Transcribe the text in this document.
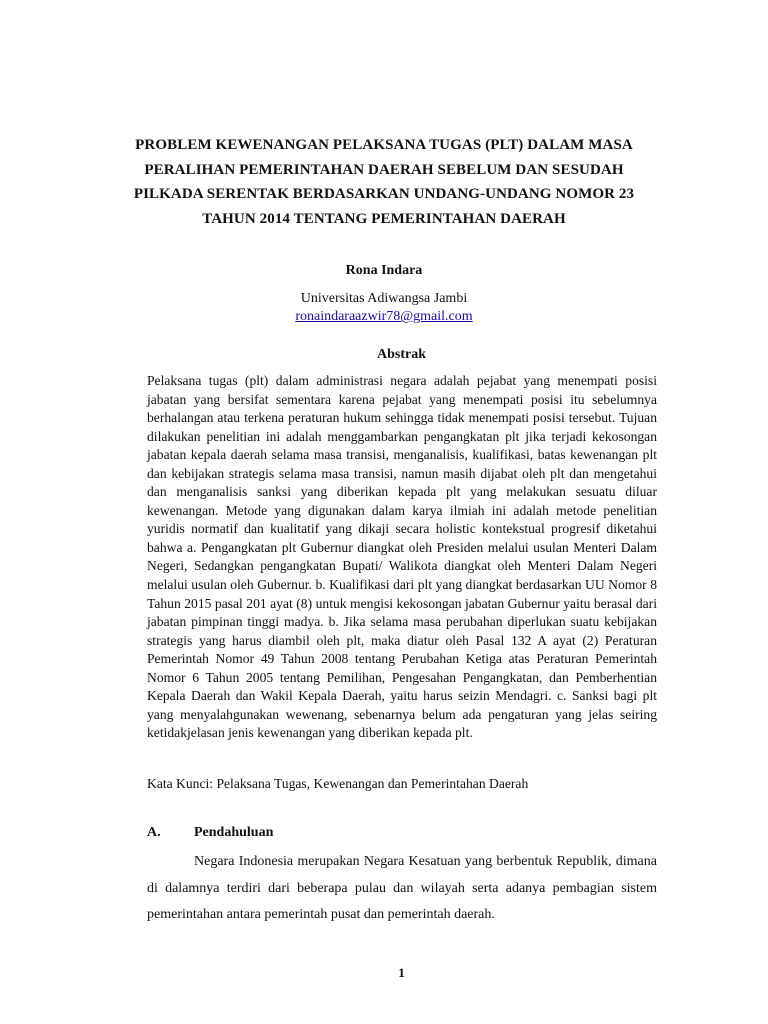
PROBLEM KEWENANGAN PELAKSANA TUGAS (PLT) DALAM MASA PERALIHAN PEMERINTAHAN DAERAH SEBELUM DAN SESUDAH PILKADA SERENTAK BERDASARKAN UNDANG-UNDANG NOMOR 23 TAHUN 2014 TENTANG PEMERINTAHAN DAERAH
Rona Indara
Universitas Adiwangsa Jambi
ronaindaraazwir78@gmail.com
Abstrak

Pelaksana tugas (plt) dalam administrasi negara adalah pejabat yang menempati posisi jabatan yang bersifat sementara karena pejabat yang menempati posisi itu sebelumnya berhalangan atau terkena peraturan hukum sehingga tidak menempati posisi tersebut. Tujuan dilakukan penelitian ini adalah menggambarkan pengangkatan plt jika terjadi kekosongan jabatan kepala daerah selama masa transisi, menganalisis, kualifikasi, batas kewenangan plt dan kebijakan strategis selama masa transisi, namun masih dijabat oleh plt dan mengetahui dan menganalisis sanksi yang diberikan kepada plt yang melakukan sesuatu diluar kewenangan. Metode yang digunakan dalam karya ilmiah ini adalah metode penelitian yuridis normatif dan kualitatif yang dikaji secara holistic kontekstual progresif diketahui bahwa a. Pengangkatan plt Gubernur diangkat oleh Presiden melalui usulan Menteri Dalam Negeri, Sedangkan pengangkatan Bupati/ Walikota diangkat oleh Menteri Dalam Negeri melalui usulan oleh Gubernur. b. Kualifikasi dari plt yang diangkat berdasarkan UU Nomor 8 Tahun 2015 pasal 201 ayat (8) untuk mengisi kekosongan jabatan Gubernur yaitu berasal dari jabatan pimpinan tinggi madya. b. Jika selama masa perubahan diperlukan suatu kebijakan strategis yang harus diambil oleh plt, maka diatur oleh Pasal 132 A ayat (2) Peraturan Pemerintah Nomor 49 Tahun 2008 tentang Perubahan Ketiga atas Peraturan Pemerintah Nomor 6 Tahun 2005 tentang Pemilihan, Pengesahan Pengangkatan, dan Pemberhentian Kepala Daerah dan Wakil Kepala Daerah, yaitu harus seizin Mendagri. c. Sanksi bagi plt yang menyalahgunakan wewenang, sebenarnya belum ada pengaturan yang jelas seiring ketidakjelasan jenis kewenangan yang diberikan kepada plt.

Kata Kunci: Pelaksana Tugas, Kewenangan dan Pemerintahan Daerah
A. Pendahuluan

Negara Indonesia merupakan Negara Kesatuan yang berbentuk Republik, dimana di dalamnya terdiri dari beberapa pulau dan wilayah serta adanya pembagian sistem pemerintahan antara pemerintah pusat dan pemerintah daerah.

1
